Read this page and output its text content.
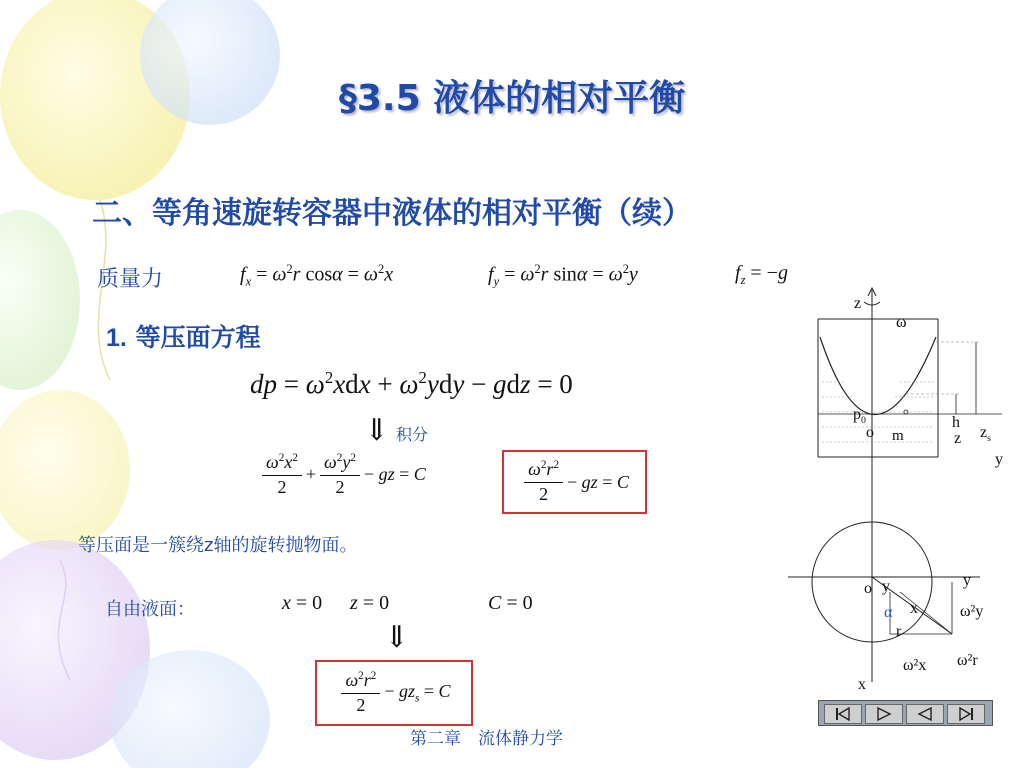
§3.5 液体的相对平衡
二、等角速旋转容器中液体的相对平衡（续）
质量力	$f_x = \omega^2r$ $\cos\alpha = \omega^2x$	$f_y = \omega^2r$ $\sin\alpha = \omega^2y$	$f_z = -g$
1. 等压面方程
dp = $\omega^2xdx + \omega^2ydy$ − gdz = 0
⇓ 积分
$\frac{\omega^2x^2}{2} + \frac{\omega^2y^2}{2}$ − gz = C	$\frac{\omega^2r^2}{2}$ − gz = C
等压面是一簇绕z轴的旋转抛物面。
自由液面：	x = 0 z = 0	C = 0
⇓
$\frac{\omega^2r^2}{2} - gz_s = C$
第二章　流体静力学
z
ω
$p_0$
o m
h
z $z_s$
y
o y	y
α x
r
ω²y
ω²x ω²r
x
